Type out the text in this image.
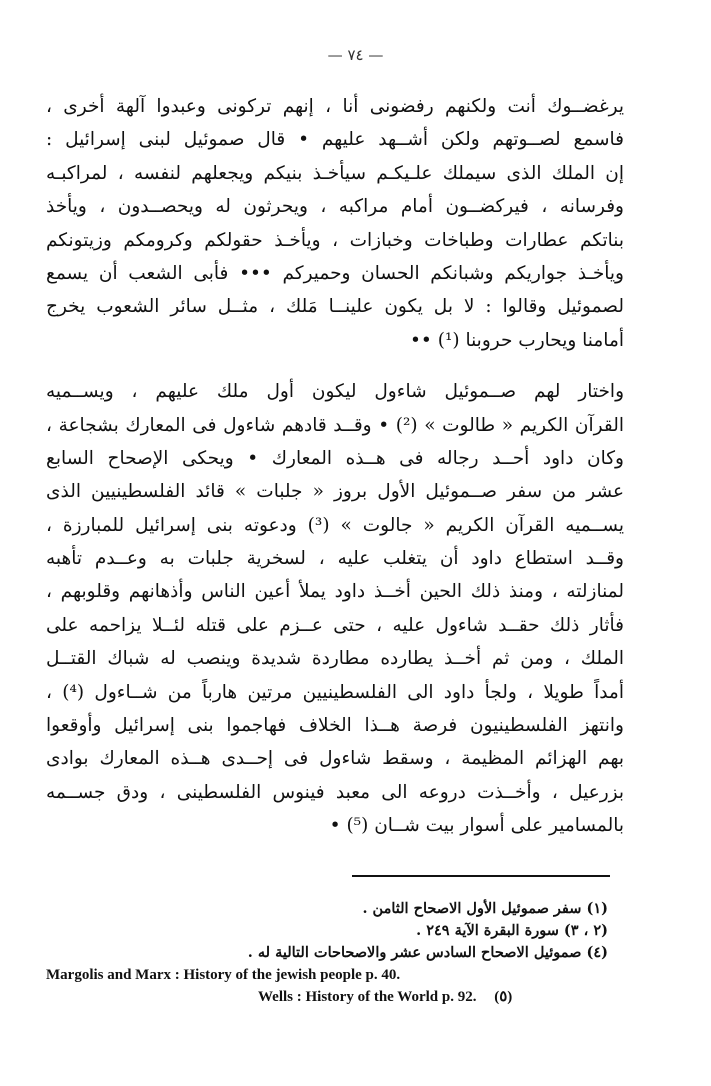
— ٧٤ —
يرغضــوك أنت ولكنهم رفضونى أنا ، إنهم تركونى وعبدوا آلهة أخرى ،
فاسمع لصــوتهم ولكن أشــهد عليهم • قال صموئيل لبنى إسرائيل :
إن الملك الذى سيملك علـيكـم سيأخـذ بنيكم ويجعلهم لنفسه ، لمراكبـه
وفرسانه ، فيركضــون أمام مراكبه ، ويحرثون له ويحصــدون ، ويأخذ
بناتكم عطارات وطباخات وخبازات ، ويأخـذ حقولكم وكرومكم وزيتونكم
ويأخـذ جواريكم وشبانكم الحسان وحميركم ••• فأبى الشعب أن يسمع
لصموئيل وقالوا : لا بل يكون علينــا مَلك ، مثــل سائر الشعوب يخرج
أمامنا ويحارب حروبنا (¹) ••
واختار لهم صــموئيل شاءول ليكون أول ملك عليهم ، ويســميه
القرآن الكريم « طالوت » (²) • وقــد قادهم شاءول فى المعارك بشجاعة ،
وكان داود أحــد رجاله فى هــذه المعارك • ويحكى الإصحاح السابع
عشر من سفر صــموئيل الأول بروز « جلبات » قائد الفلسطينيين الذى
يســميه القرآن الكريم « جالوت » (³) ودعوته بنى إسرائيل للمبارزة ،
وقــد استطاع داود أن يتغلب عليه ، لسخرية جلبات به وعــدم تأهبه
لمنازلته ، ومنذ ذلك الحين أخــذ داود يملأ أعين الناس وأذهانهم وقلوبهم ،
فأثار ذلك حقــد شاءول عليه ، حتى عــزم على قتله لئــلا يزاحمه على
الملك ، ومن ثم أخــذ يطارده مطاردة شديدة وينصب له شباك القتــل
أمداً طويلا ، ولجأ داود الى الفلسطينيين مرتين هارباً من شــاءول (⁴) ،
وانتهز الفلسطينيون فرصة هــذا الخلاف فهاجموا بنى إسرائيل وأوقعوا
بهم الهزائم المظيمة ، وسقط شاءول فى إحــدى هــذه المعارك بوادى
بزرعيل ، وأخــذت دروعه الى معبد فينوس الفلسطينى ، ودق جســمه
بالمسامير على أسوار بيت شــان (⁵) •
(١) سفر صموئيل الأول الاصحاح الثامن .
(٢ ، ٣) سورة البقرة الآية ٢٤٩ .
(٤) صموئيل الاصحاح السادس عشر والاصحاحات التالية له .
Margolis and Marx : History of the jewish people p. 40.
Wells : History of the World p. 92. (٥)
